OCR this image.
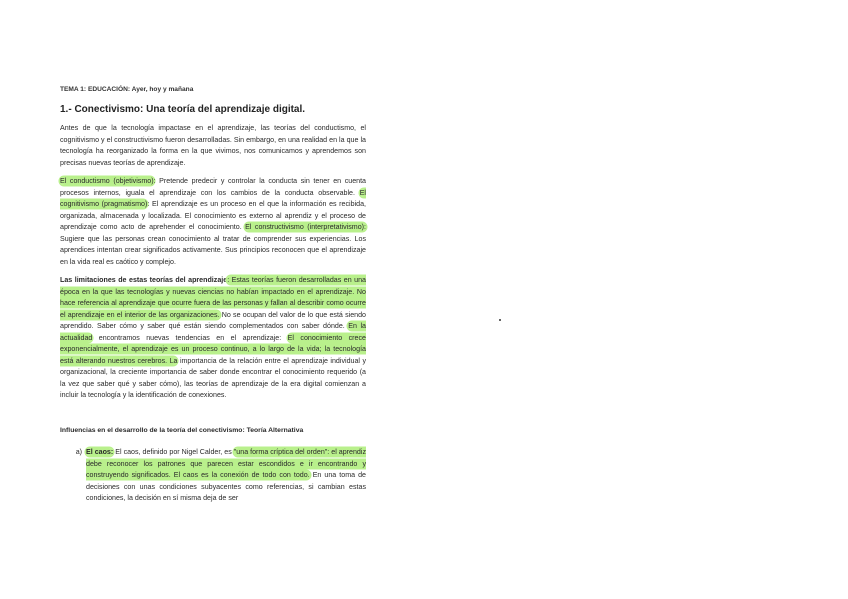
TEMA 1: EDUCACIÓN: Ayer, hoy y mañana
1.- Conectivismo: Una teoría del aprendizaje digital.
Antes de que la tecnología impactase en el aprendizaje, las teorías del conductismo, el cognitivismo y el constructivismo fueron desarrolladas. Sin embargo, en una realidad en la que la tecnología ha reorganizado la forma en la que vivimos, nos comunicamos y aprendemos son precisas nuevas teorías de aprendizaje.
El conductismo (objetivismo): Pretende predecir y controlar la conducta sin tener en cuenta procesos internos, iguala el aprendizaje con los cambios de la conducta observable. El cognitivismo (pragmatismo): El aprendizaje es un proceso en el que la información es recibida, organizada, almacenada y localizada. El conocimiento es externo al aprendiz y el proceso de aprendizaje como acto de aprehender el conocimiento. El constructivismo (interpretativismo): Sugiere que las personas crean conocimiento al tratar de comprender sus experiencias. Los aprendices intentan crear significados activamente. Sus principios reconocen que el aprendizaje en la vida real es caótico y complejo.
Las limitaciones de estas teorías del aprendizaje: Estas teorías fueron desarrolladas en una época en la que las tecnologías y nuevas ciencias no habían impactado en el aprendizaje. No hace referencia al aprendizaje que ocurre fuera de las personas y fallan al describir como ocurre el aprendizaje en el interior de las organizaciones. No se ocupan del valor de lo que está siendo aprendido. Saber cómo y saber qué están siendo complementados con saber dónde. En la actualidad encontramos nuevas tendencias en el aprendizaje: El conocimiento crece exponencialmente, el aprendizaje es un proceso continuo, a lo largo de la vida; la tecnología está alterando nuestros cerebros. La importancia de la relación entre el aprendizaje individual y organizacional, la creciente importancia de saber donde encontrar el conocimiento requerido (a la vez que saber qué y saber cómo), las teorías de aprendizaje de la era digital comienzan a incluir la tecnología y la identificación de conexiones.
Influencias en el desarrollo de la teoría del conectivismo: Teoría Alternativa
a) El caos: El caos, definido por Nigel Calder, es "una forma críptica del orden": el aprendiz debe reconocer los patrones que parecen estar escondidos e ir encontrando y construyendo significados. El caos es la conexión de todo con todo. En una toma de decisiones con unas condiciones subyacentes como referencias, si cambian estas condiciones, la decisión en sí misma deja de ser
